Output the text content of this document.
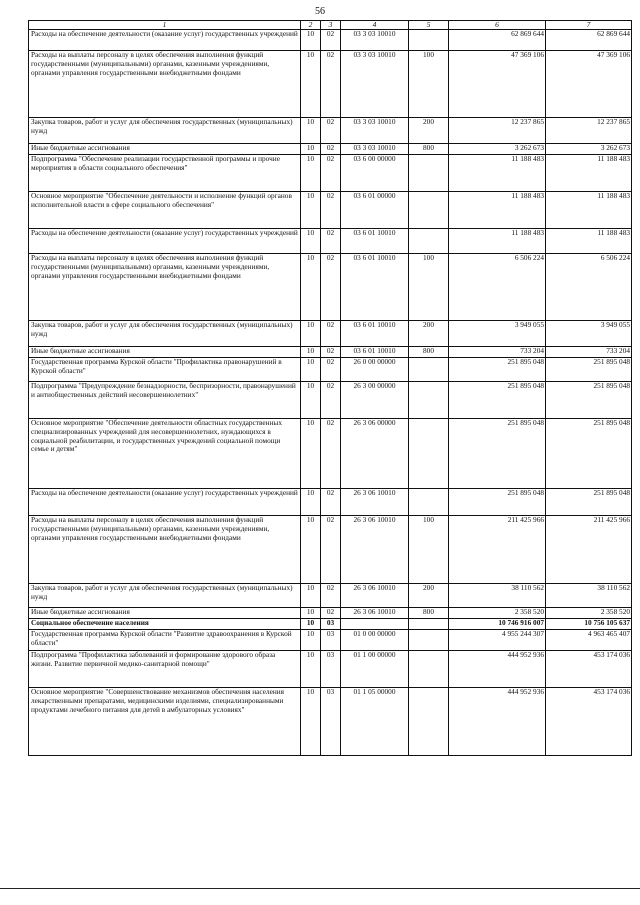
56
1	2	3	4	5	6	7
Расходы на обеспечение деятельности (оказание услуг) государственных учреждений	10	02	03 3 03 10010		62 869 644	62 869 644
Расходы на выплаты персоналу в целях обеспечения выполнения функций государственными (муниципальными) органами, казенными учреждениями, органами управления государственными внебюджетными фондами	10	02	03 3 03 10010	100	47 369 106	47 369 106
Закупка товаров, работ и услуг для обеспечения государственных (муниципальных) нужд	10	02	03 3 03 10010	200	12 237 865	12 237 865
Иные бюджетные ассигнования	10	02	03 3 03 10010	800	3 262 673	3 262 673
Подпрограмма "Обеспечение реализации государственной программы и прочие мероприятия в области социального обеспечения"	10	02	03 6 00 00000		11 188 483	11 188 483
Основное мероприятие "Обеспечение деятельности и исполнение функций органов исполнительной власти в сфере социального обеспечения"	10	02	03 6 01 00000		11 188 483	11 188 483
Расходы на обеспечение деятельности (оказание услуг) государственных учреждений	10	02	03 6 01 10010		11 188 483	11 188 483
Расходы на выплаты персоналу в целях обеспечения выполнения функций государственными (муниципальными) органами, казенными учреждениями, органами управления государственными внебюджетными фондами	10	02	03 6 01 10010	100	6 506 224	6 506 224
Закупка товаров, работ и услуг для обеспечения государственных (муниципальных) нужд	10	02	03 6 01 10010	200	3 949 055	3 949 055
Иные бюджетные ассигнования	10	02	03 6 01 10010	800	733 204	733 204
Государственная программа Курской области "Профилактика правонарушений в Курской области"	10	02	26 0 00 00000		251 895 048	251 895 048
Подпрограмма "Предупреждение безнадзорности, беспризорности, правонарушений и антиобщественных действий несовершеннолетних"	10	02	26 3 00 00000		251 895 048	251 895 048
Основное мероприятие "Обеспечение деятельности областных государственных специализированных учреждений для несовершеннолетних, нуждающихся в социальной реабилитации, и государственных учреждений социальной помощи семье и детям"	10	02	26 3 06 00000		251 895 048	251 895 048
Расходы на обеспечение деятельности (оказание услуг) государственных учреждений	10	02	26 3 06 10010		251 895 048	251 895 048
Расходы на выплаты персоналу в целях обеспечения выполнения функций государственными (муниципальными) органами, казенными учреждениями, органами управления государственными внебюджетными фондами	10	02	26 3 06 10010	100	211 425 966	211 425 966
Закупка товаров, работ и услуг для обеспечения государственных (муниципальных) нужд	10	02	26 3 06 10010	200	38 110 562	38 110 562
Иные бюджетные ассигнования	10	02	26 3 06 10010	800	2 358 520	2 358 520
Социальное обеспечение населения	10	03			10 746 916 007	10 756 105 637
Государственная программа Курской области "Развитие здравоохранения в Курской области"	10	03	01 0 00 00000		4 955 244 307	4 963 465 407
Подпрограмма "Профилактика заболеваний и формирование здорового образа жизни. Развитие первичной медико-санитарной помощи"	10	03	01 1 00 00000		444 952 936	453 174 036
Основное мероприятие "Совершенствование механизмов обеспечения населения лекарственными препаратами, медицинскими изделиями, специализированными продуктами лечебного питания для детей в амбулаторных условиях"	10	03	01 1 05 00000		444 952 936	453 174 036
